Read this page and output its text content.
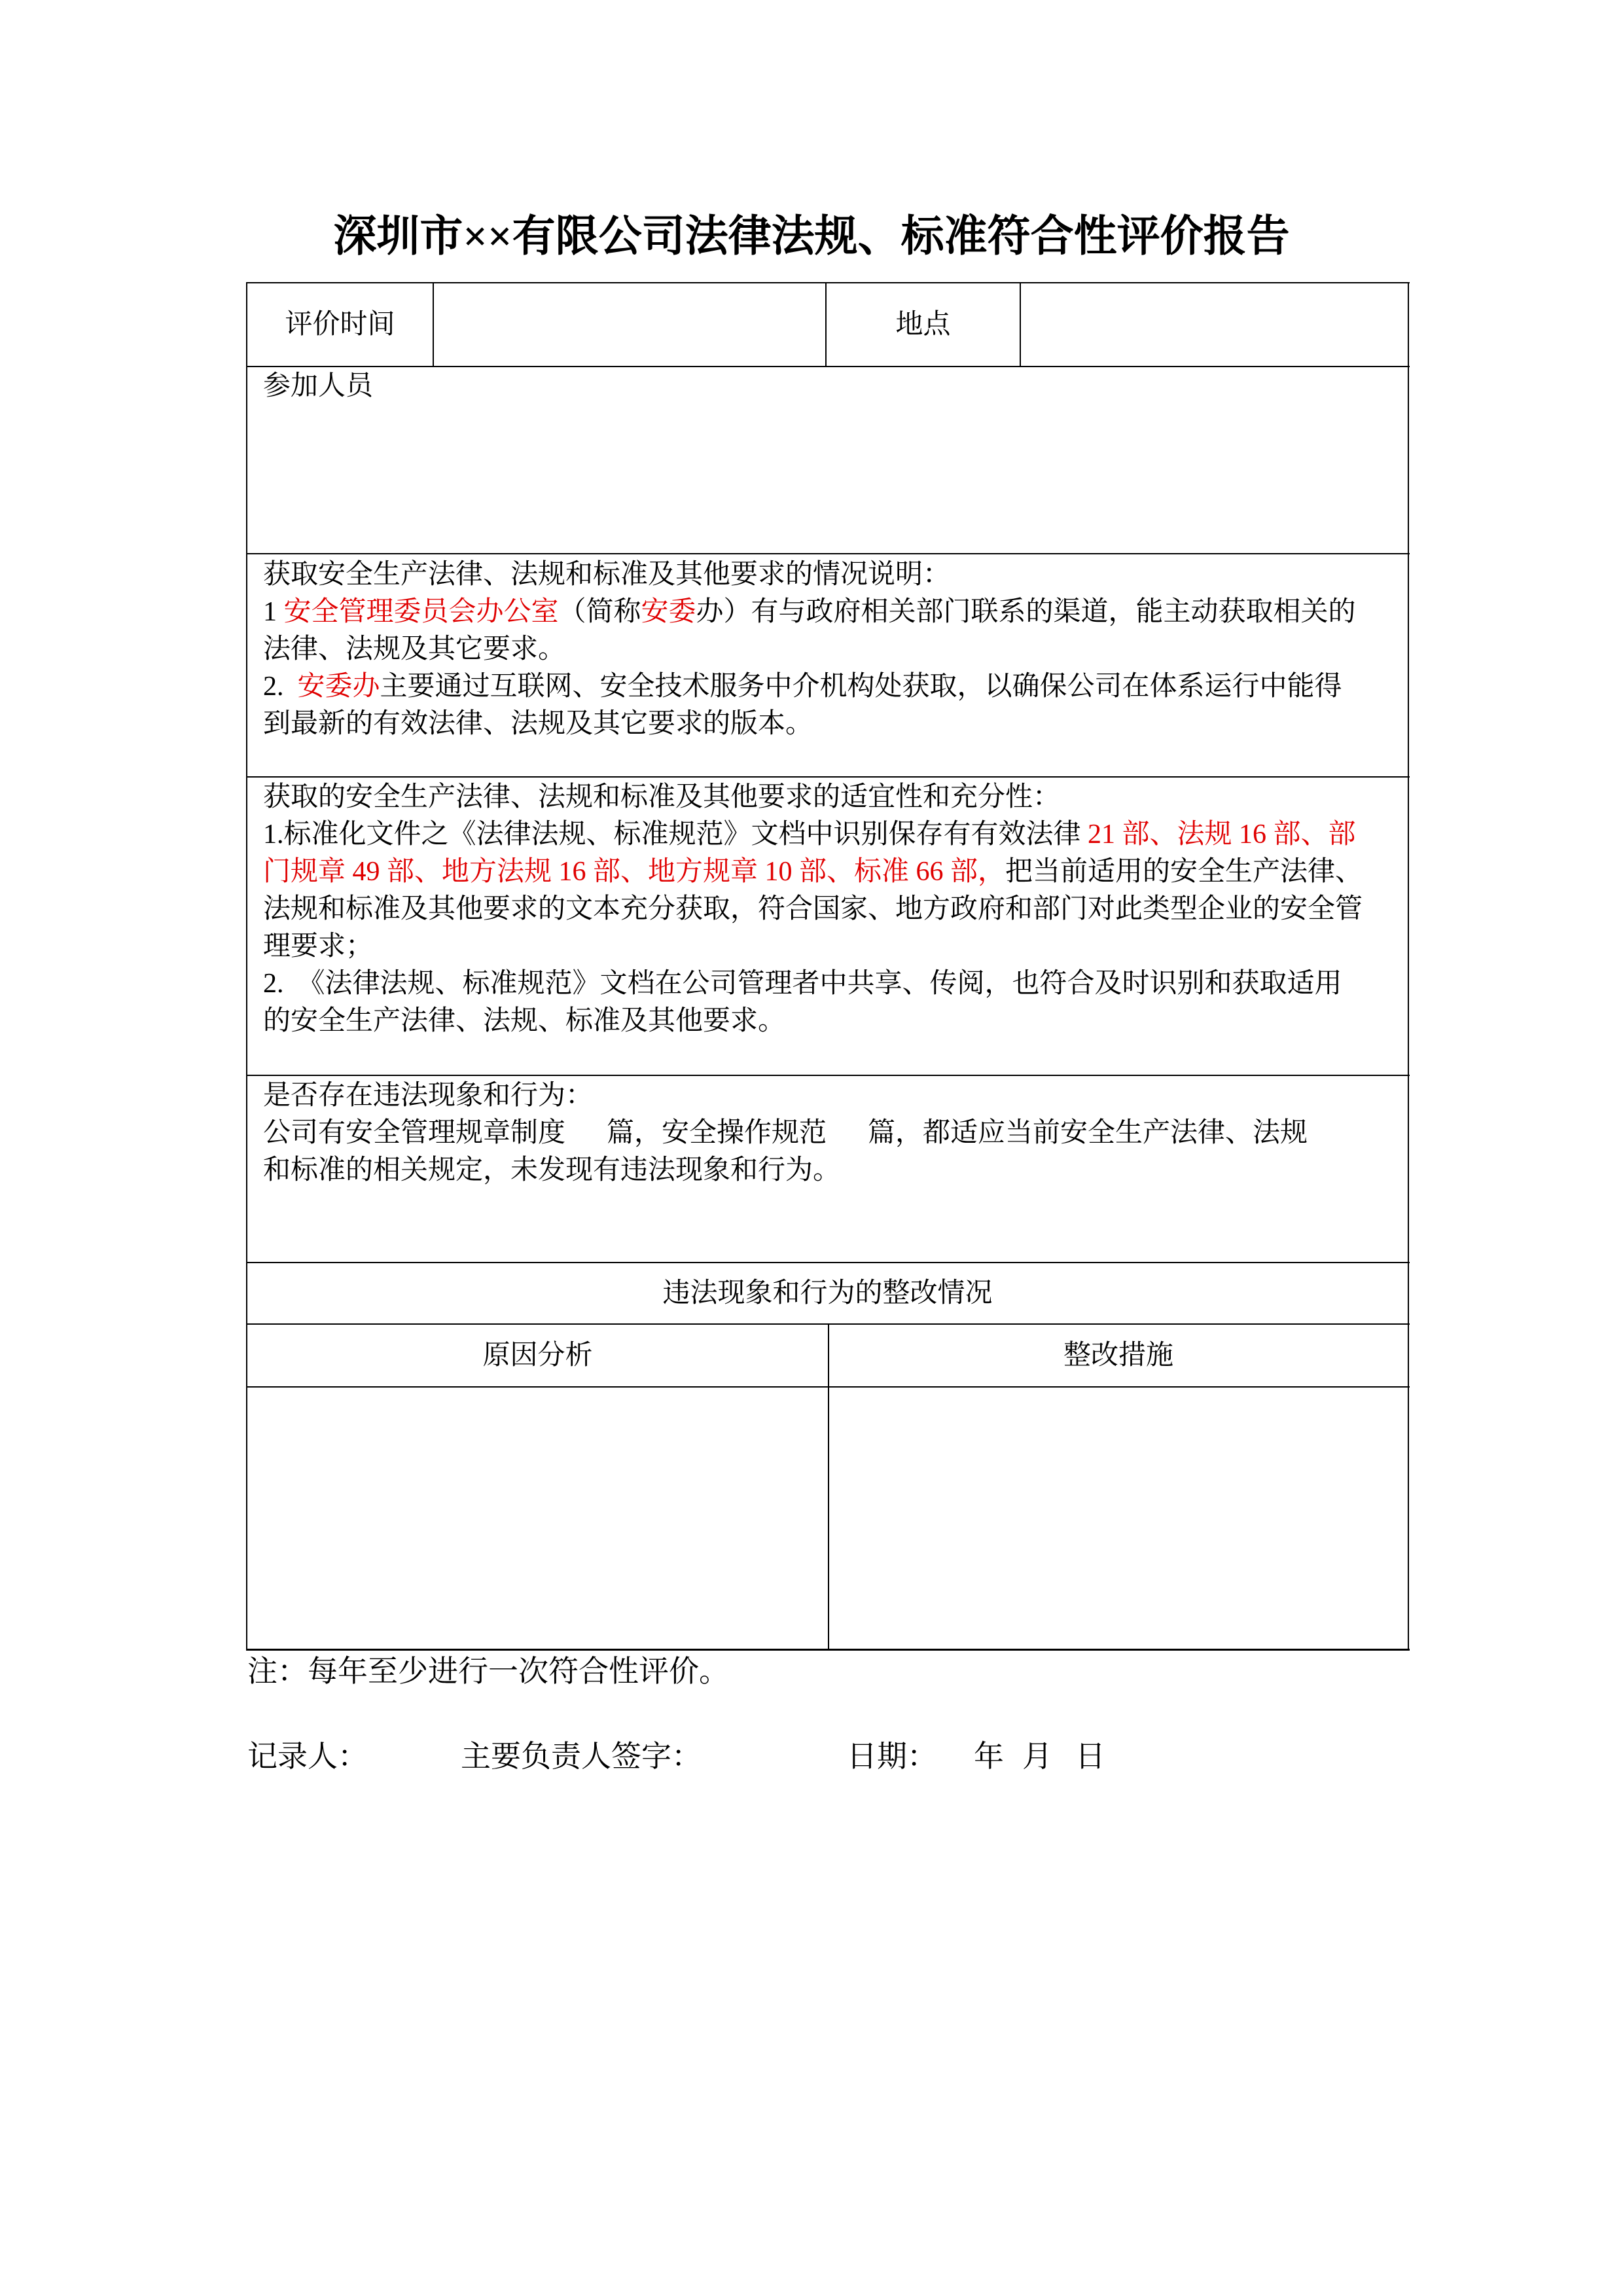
深圳市××有限公司法律法规、标准符合性评价报告
评价时间	地点
参加人员
获取安全生产法律、法规和标准及其他要求的情况说明：
1 安全管理委员会办公室（简称安委办）有与政府相关部门联系的渠道，能主动获取相关的
法律、法规及其它要求。
2.  安委办主要通过互联网、安全技术服务中介机构处获取，以确保公司在体系运行中能得
到最新的有效法律、法规及其它要求的版本。
获取的安全生产法律、法规和标准及其他要求的适宜性和充分性：
1.标准化文件之《法律法规、标准规范》文档中识别保存有有效法律 21 部、法规 16 部、部
门规章 49 部、地方法规 16 部、地方规章 10 部、标准 66 部，把当前适用的安全生产法律、
法规和标准及其他要求的文本充分获取，符合国家、地方政府和部门对此类型企业的安全管
理要求；
2.  《法律法规、标准规范》文档在公司管理者中共享、传阅，也符合及时识别和获取适用
的安全生产法律、法规、标准及其他要求。
是否存在违法现象和行为：
公司有安全管理规章制度      篇，安全操作规范      篇，都适应当前安全生产法律、法规
和标准的相关规定，未发现有违法现象和行为。
违法现象和行为的整改情况
原因分析	整改措施
注：每年至少进行一次符合性评价。
记录人：	主要负责人签字：	日期： 年 月 日
